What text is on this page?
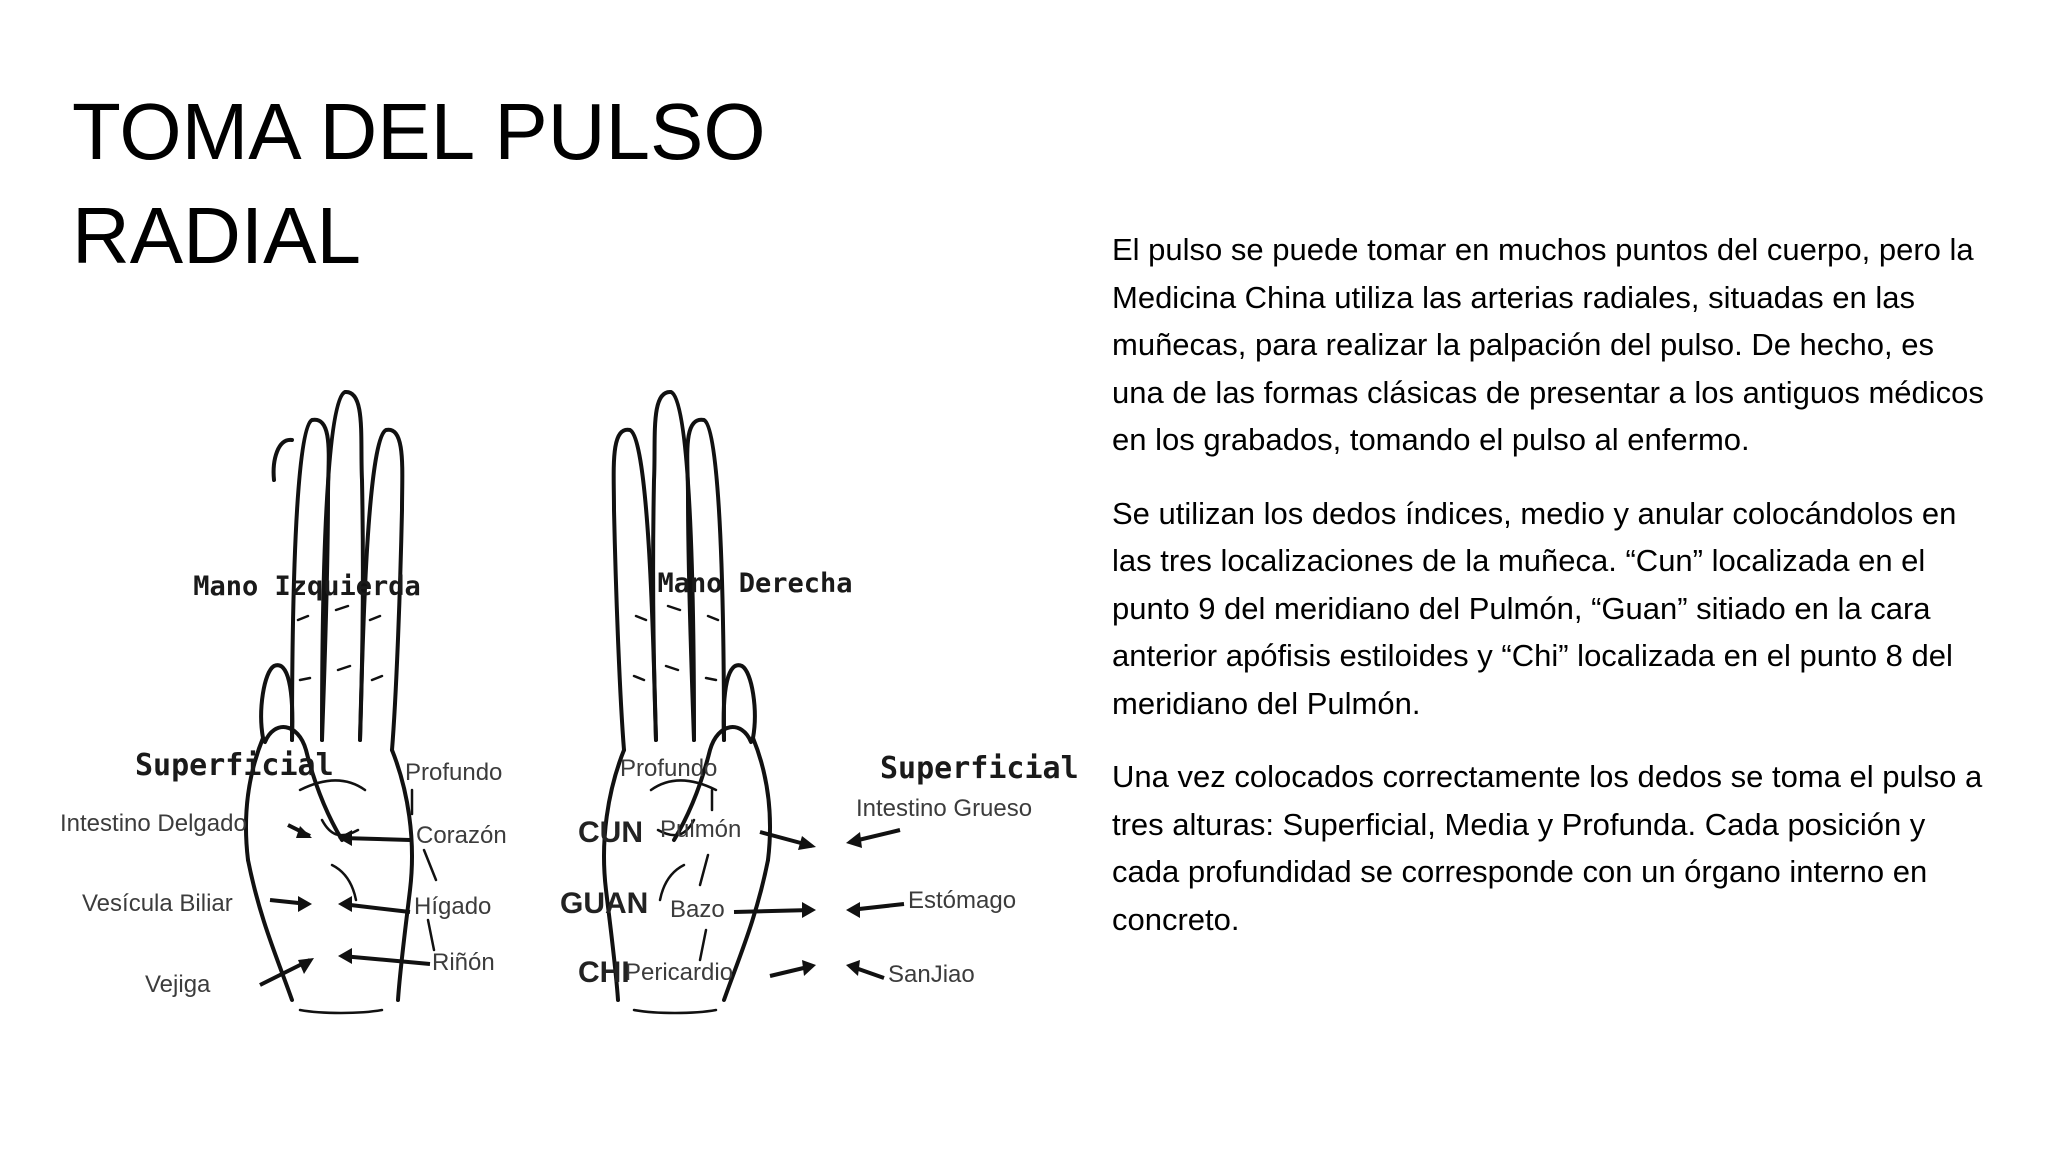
TOMA DEL PULSO
RADIAL
Mano Izquierda
Superficial	Profundo
Intestino Delgado
Vesícula Biliar
Vejiga
Corazón
Hígado
Riñón
Mano Derecha
Superficial
Profundo
Intestino Grueso
Estómago
SanJiao
Pulmón
Bazo
Pericardio
CUN
GUAN
CHI

El pulso se puede tomar en muchos puntos del cuerpo, pero la Medicina China utiliza las arterias radiales, situadas en las muñecas, para realizar la palpación del pulso. De hecho, es una de las formas clásicas de presentar a los antiguos médicos en los grabados, tomando el pulso al enfermo.

Se utilizan los dedos índices, medio y anular colocándolos en las tres localizaciones de la muñeca. “Cun” localizada en el punto 9 del meridiano del Pulmón, “Guan” sitiado en la cara anterior apófisis estiloides y “Chi” localizada en el punto 8 del meridiano del Pulmón.

Una vez colocados correctamente los dedos se toma el pulso a tres alturas: Superficial, Media y Profunda. Cada posición y cada profundidad se corresponde con un órgano interno en concreto.
